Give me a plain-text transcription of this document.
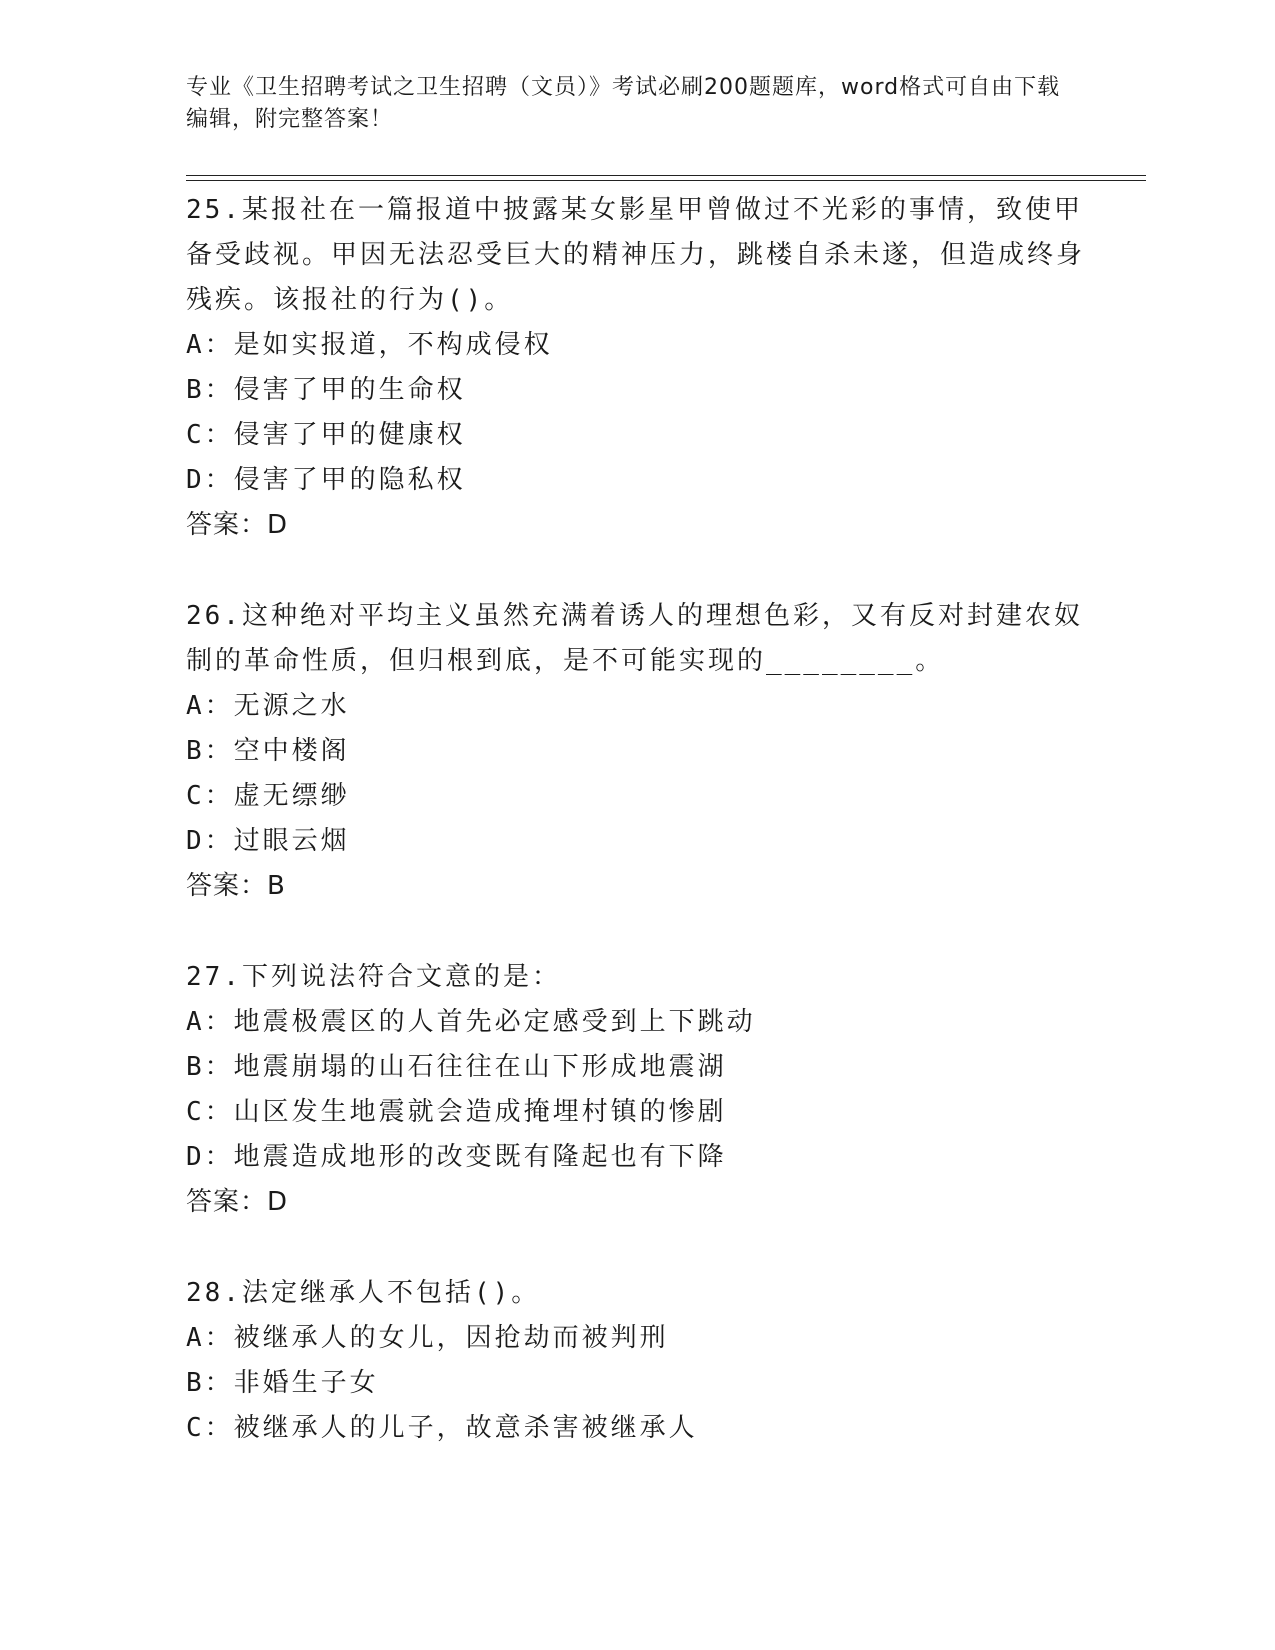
专业《卫生招聘考试之卫生招聘（文员）》考试必刷200题题库，word格式可自由下载编辑，附完整答案！
25.某报社在一篇报道中披露某女影星甲曾做过不光彩的事情，致使甲备受歧视。甲因无法忍受巨大的精神压力，跳楼自杀未遂，但造成终身残疾。该报社的行为()。
A：是如实报道，不构成侵权
B：侵害了甲的生命权
C：侵害了甲的健康权
D：侵害了甲的隐私权
答案：D
26.这种绝对平均主义虽然充满着诱人的理想色彩，又有反对封建农奴制的革命性质，但归根到底，是不可能实现的________。
A：无源之水
B：空中楼阁
C：虚无缥缈
D：过眼云烟
答案：B
27.下列说法符合文意的是：
A：地震极震区的人首先必定感受到上下跳动
B：地震崩塌的山石往往在山下形成地震湖
C：山区发生地震就会造成掩埋村镇的惨剧
D：地震造成地形的改变既有隆起也有下降
答案：D
28.法定继承人不包括()。
A：被继承人的女儿，因抢劫而被判刑
B：非婚生子女
C：被继承人的儿子，故意杀害被继承人
